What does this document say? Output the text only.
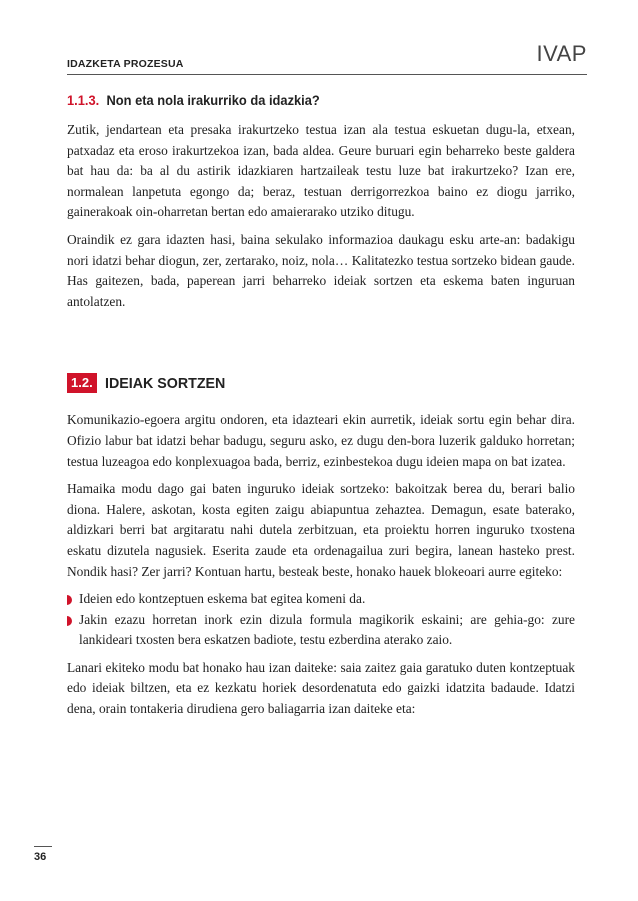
IDAZKETA PROZESUA	IVAP
1.1.3. Non eta nola irakurriko da idazkia?

Zutik, jendartean eta presaka irakurtzeko testua izan ala testua eskuetan dugu-la, etxean, patxadaz eta eroso irakurtzekoa izan, bada aldea. Geure buruari egin beharreko beste galdera bat hau da: ba al du astirik idazkiaren hartzaileak testu luze bat irakurtzeko? Izan ere, normalean lanpetuta egongo da; beraz, testuan derrigorrezkoa baino ez diogu jarriko, gainerakoak oin-oharretan bertan edo amaierarako utziko ditugu.

Oraindik ez gara idazten hasi, baina sekulako informazioa daukagu esku arte-an: badakigu nori idatzi behar diogun, zer, zertarako, noiz, nola… Kalitatezko testua sortzeko bidean gaude. Has gaitezen, bada, paperean jarri beharreko ideiak sortzen eta eskema baten inguruan antolatzen.

1.2. IDEIAK SORTZEN

Komunikazio-egoera argitu ondoren, eta idazteari ekin aurretik, ideiak sortu egin behar dira. Ofizio labur bat idatzi behar badugu, seguru asko, ez dugu den-bora luzerik galduko horretan; testua luzeagoa edo konplexuagoa bada, berriz, ezinbestekoa dugu ideien mapa on bat izatea.

Hamaika modu dago gai baten inguruko ideiak sortzeko: bakoitzak berea du, berari balio diona. Halere, askotan, kosta egiten zaigu abiapuntua zehaztea. Demagun, esate baterako, aldizkari berri bat argitaratu nahi dutela zerbitzuan, eta proiektu horren inguruko txostena eskatu dizutela nagusiek. Eserita zaude eta ordenagailua zuri begira, lanean hasteko prest. Nondik hasi? Zer jarri? Kontuan hartu, besteak beste, honako hauek blokeoari aurre egiteko:

Ideien edo kontzeptuen eskema bat egitea komeni da.
Jakin ezazu horretan inork ezin dizula formula magikorik eskaini; are gehia-go: zure lankideari txosten bera eskatzen badiote, testu ezberdina aterako zaio.

Lanari ekiteko modu bat honako hau izan daiteke: saia zaitez gaia garatuko duten kontzeptuak edo ideiak biltzen, eta ez kezkatu horiek desordenatuta edo gaizki idatzita badaude. Idatzi dena, orain tontakeria dirudiena gero baliagarria izan daiteke eta:

36
